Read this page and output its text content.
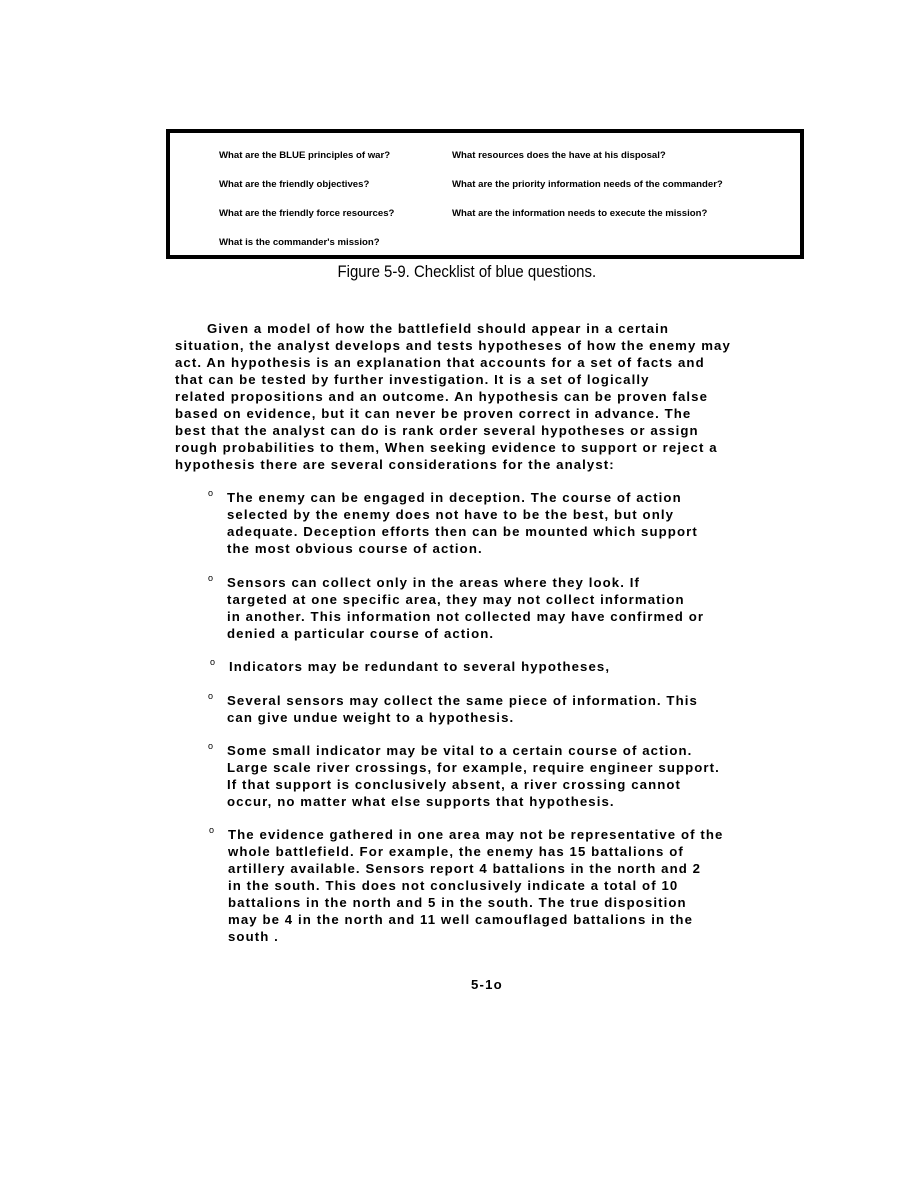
What are the BLUE principles of war?
What are the friendly objectives?
What are the friendly force resources?
What is the commander's mission?
What resources does the have at his disposal?
What are the priority information needs of the commander?
What are the information needs to execute the mission?
Figure 5-9. Checklist of blue questions.
Given a model of how the battlefield should appear in a certain
situation, the analyst develops and tests hypotheses of how the enemy may
act. An hypothesis is an explanation that accounts for a set of facts and
that can be tested by further investigation. It is a set of logically
related propositions and an outcome. An hypothesis can be proven false
based on evidence, but it can never be proven correct in advance. The
best that the analyst can do is rank order several hypotheses or assign
rough probabilities to them, When seeking evidence to support or reject a
hypothesis there are several considerations for the analyst:
o The enemy can be engaged in deception. The course of action
selected by the enemy does not have to be the best, but only
adequate. Deception efforts then can be mounted which support
the most obvious course of action.
o Sensors can collect only in the areas where they look. If
targeted at one specific area, they may not collect information
in another. This information not collected may have confirmed or
denied a particular course of action.
o Indicators may be redundant to several hypotheses,
o Several sensors may collect the same piece of information. This
can give undue weight to a hypothesis.
o Some small indicator may be vital to a certain course of action.
Large scale river crossings, for example, require engineer support.
If that support is conclusively absent, a river crossing cannot
occur, no matter what else supports that hypothesis.
o The evidence gathered in one area may not be representative of the
whole battlefield. For example, the enemy has 15 battalions of
artillery available. Sensors report 4 battalions in the north and 2
in the south. This does not conclusively indicate a total of 10
battalions in the north and 5 in the south. The true disposition
may be 4 in the north and 11 well camouflaged battalions in the
south .
5-1o
